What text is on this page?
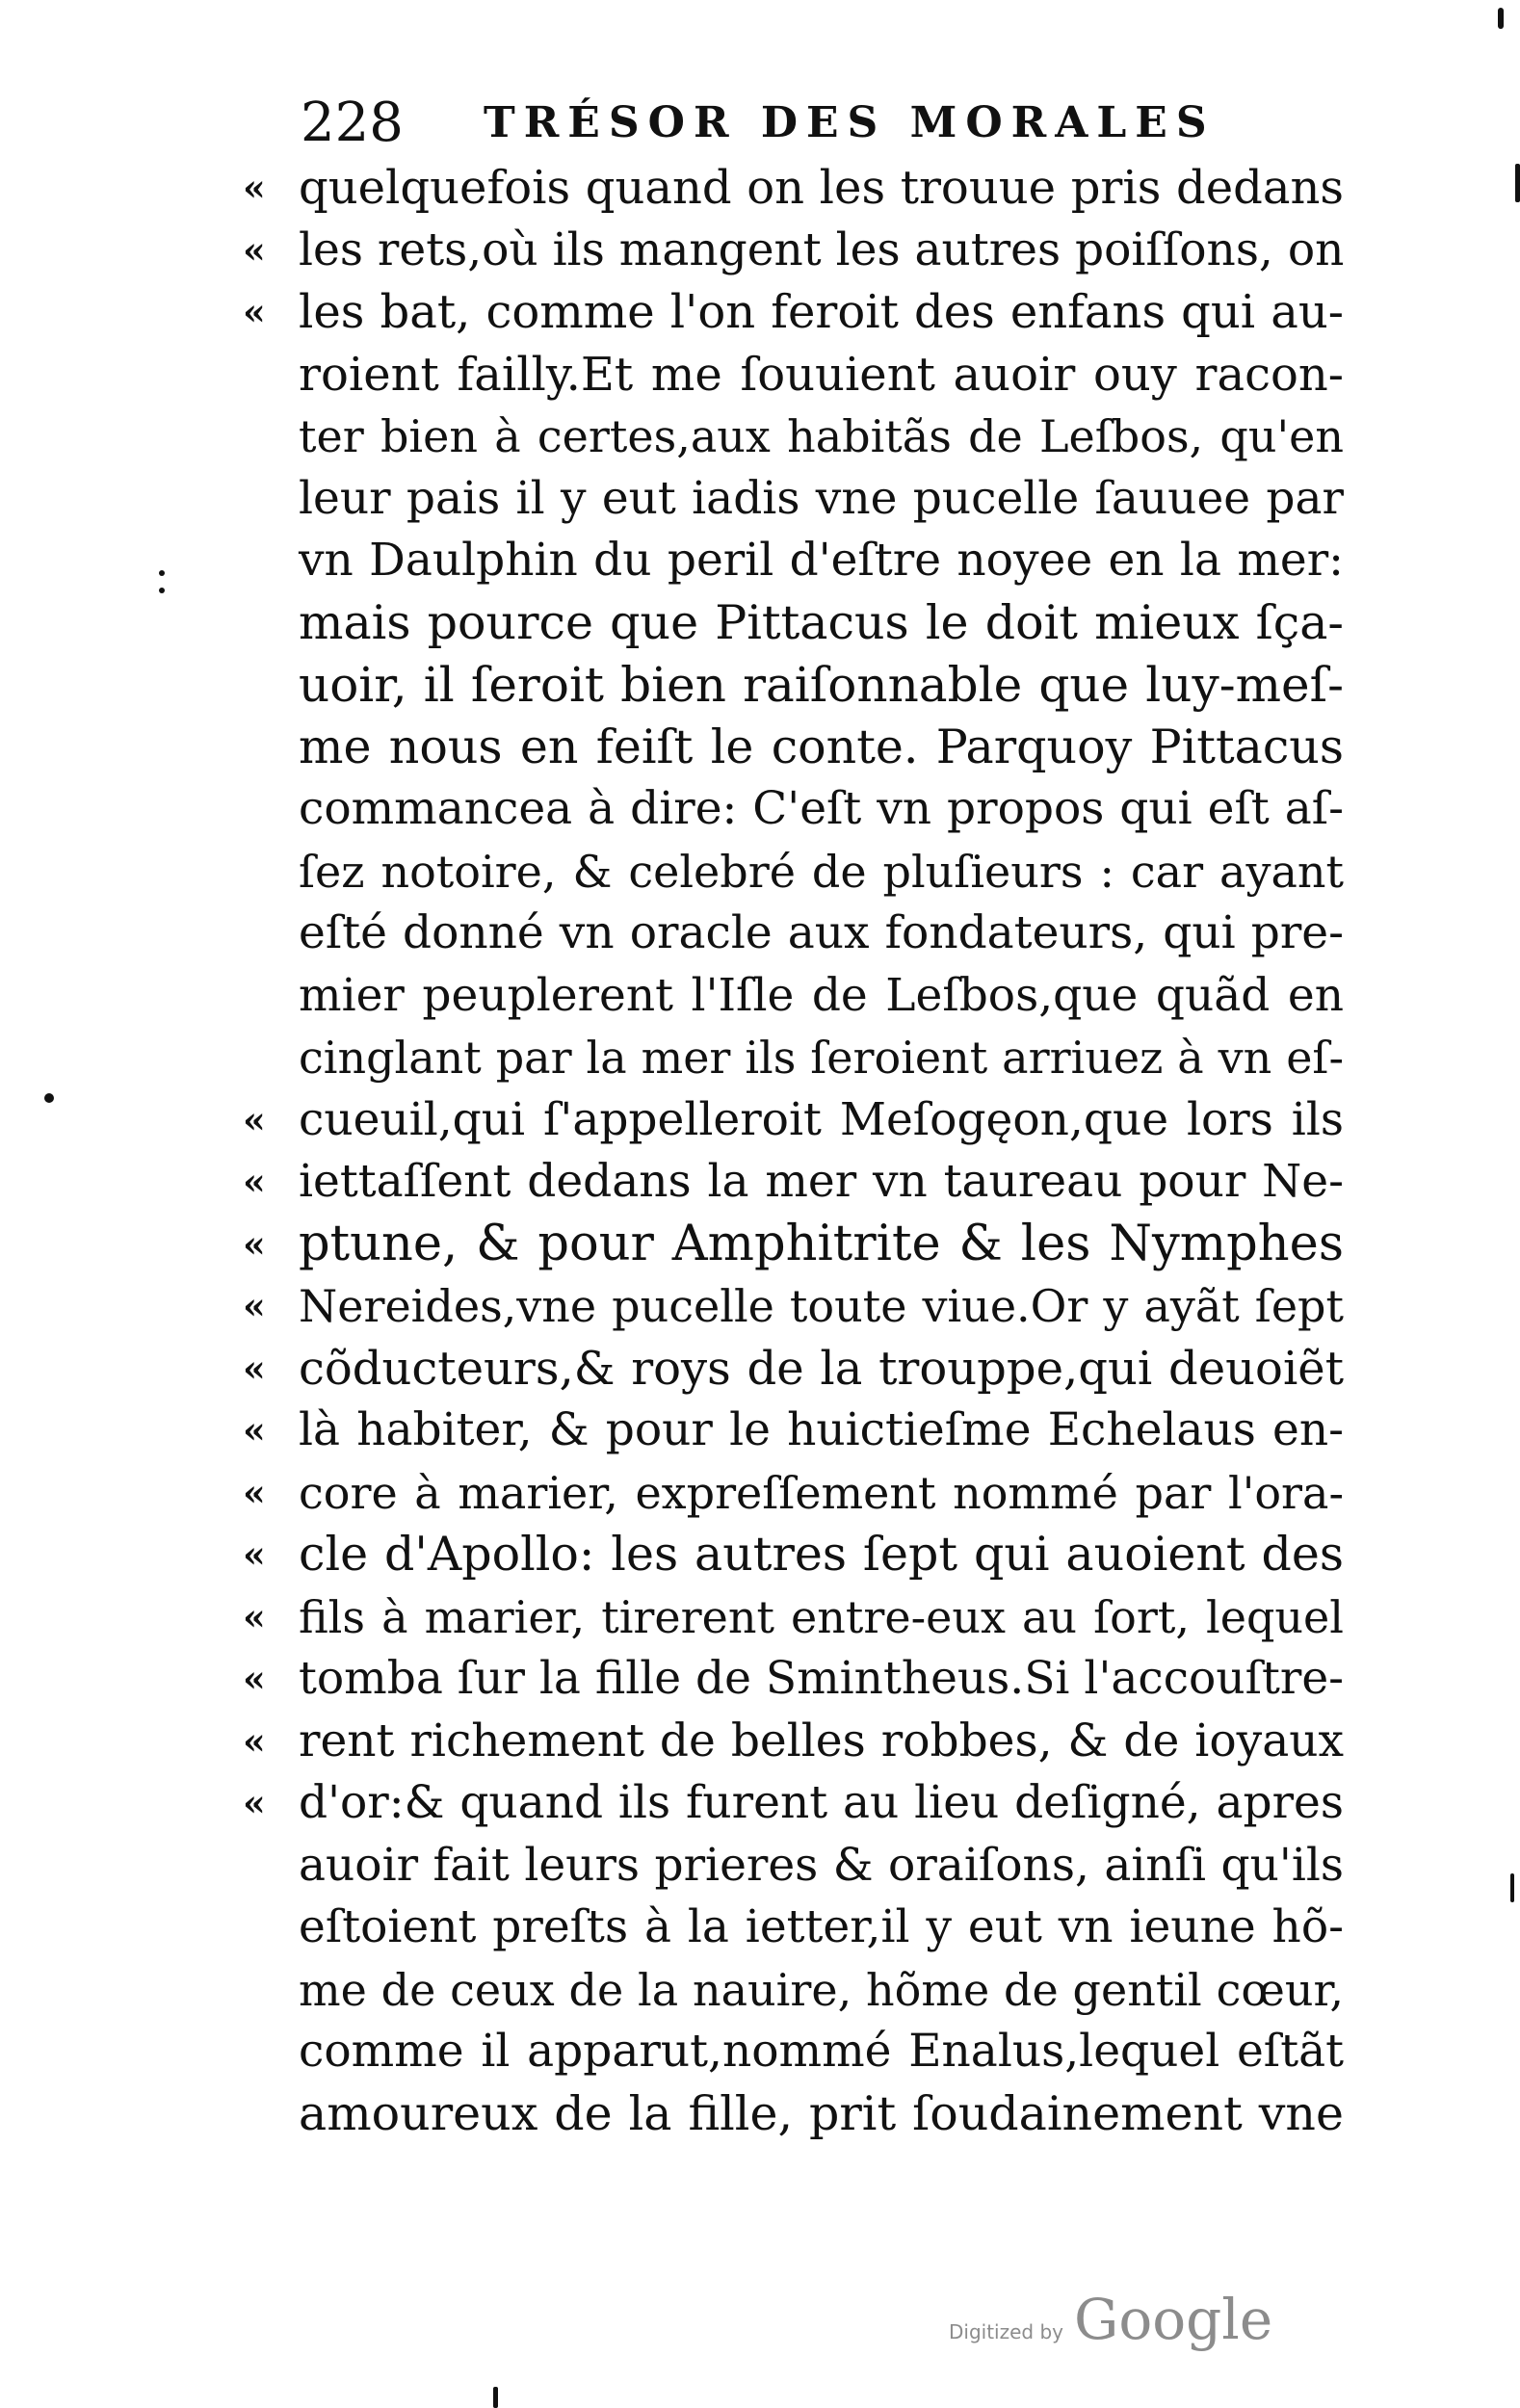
228 TRÉSOR DES MORALES
« quelquefois quand on les trouue pris dedans
« les rets,où ils mangent les autres poiſſons, on
« les bat, comme l'on feroit des enfans qui au-
roient failly.Et me ſouuient auoir ouy racon-
ter bien à certes,aux habitãs de Leſbos, qu'en
leur pais il y eut iadis vne pucelle ſauuee par
vn Daulphin du peril d'eſtre noyee en la mer:
mais pource que Pittacus le doit mieux ſça-
uoir, il ſeroit bien raiſonnable que luy-meſ-
me nous en feiſt le conte. Parquoy Pittacus
commancea à dire: C'eſt vn propos qui eſt aſ-
ſez notoire, & celebré de pluſieurs : car ayant
eſté donné vn oracle aux fondateurs, qui pre-
mier peuplerent l'Iſle de Leſbos,que quãd en
cinglant par la mer ils ſeroient arriuez à vn eſ-
« cueuil,qui ſ'appelleroit Meſogęon,que lors ils
« iettaſſent dedans la mer vn taureau pour Ne-
« ptune, & pour Amphitrite & les Nymphes
« Nereides,vne pucelle toute viue.Or y ayãt ſept
« cõducteurs,& roys de la trouppe,qui deuoiẽt
« là habiter, & pour le huictieſme Echelaus en-
« core à marier, expreſſement nommé par l'ora-
« cle d'Apollo: les autres ſept qui auoient des
« fils à marier, tirerent entre-eux au ſort, lequel
« tomba ſur la fille de Smintheus.Si l'accouſtre-
« rent richement de belles robbes, & de ioyaux
« d'or:& quand ils furent au lieu deſigné, apres
auoir fait leurs prieres & oraiſons, ainſi qu'ils
eſtoient preſts à la ietter,il y eut vn ieune hõ-
me de ceux de la nauire, hõme de gentil cœur,
comme il apparut,nommé Enalus,lequel eſtãt
amoureux de la fille, prit ſoudainement vne
Digitized by Google
